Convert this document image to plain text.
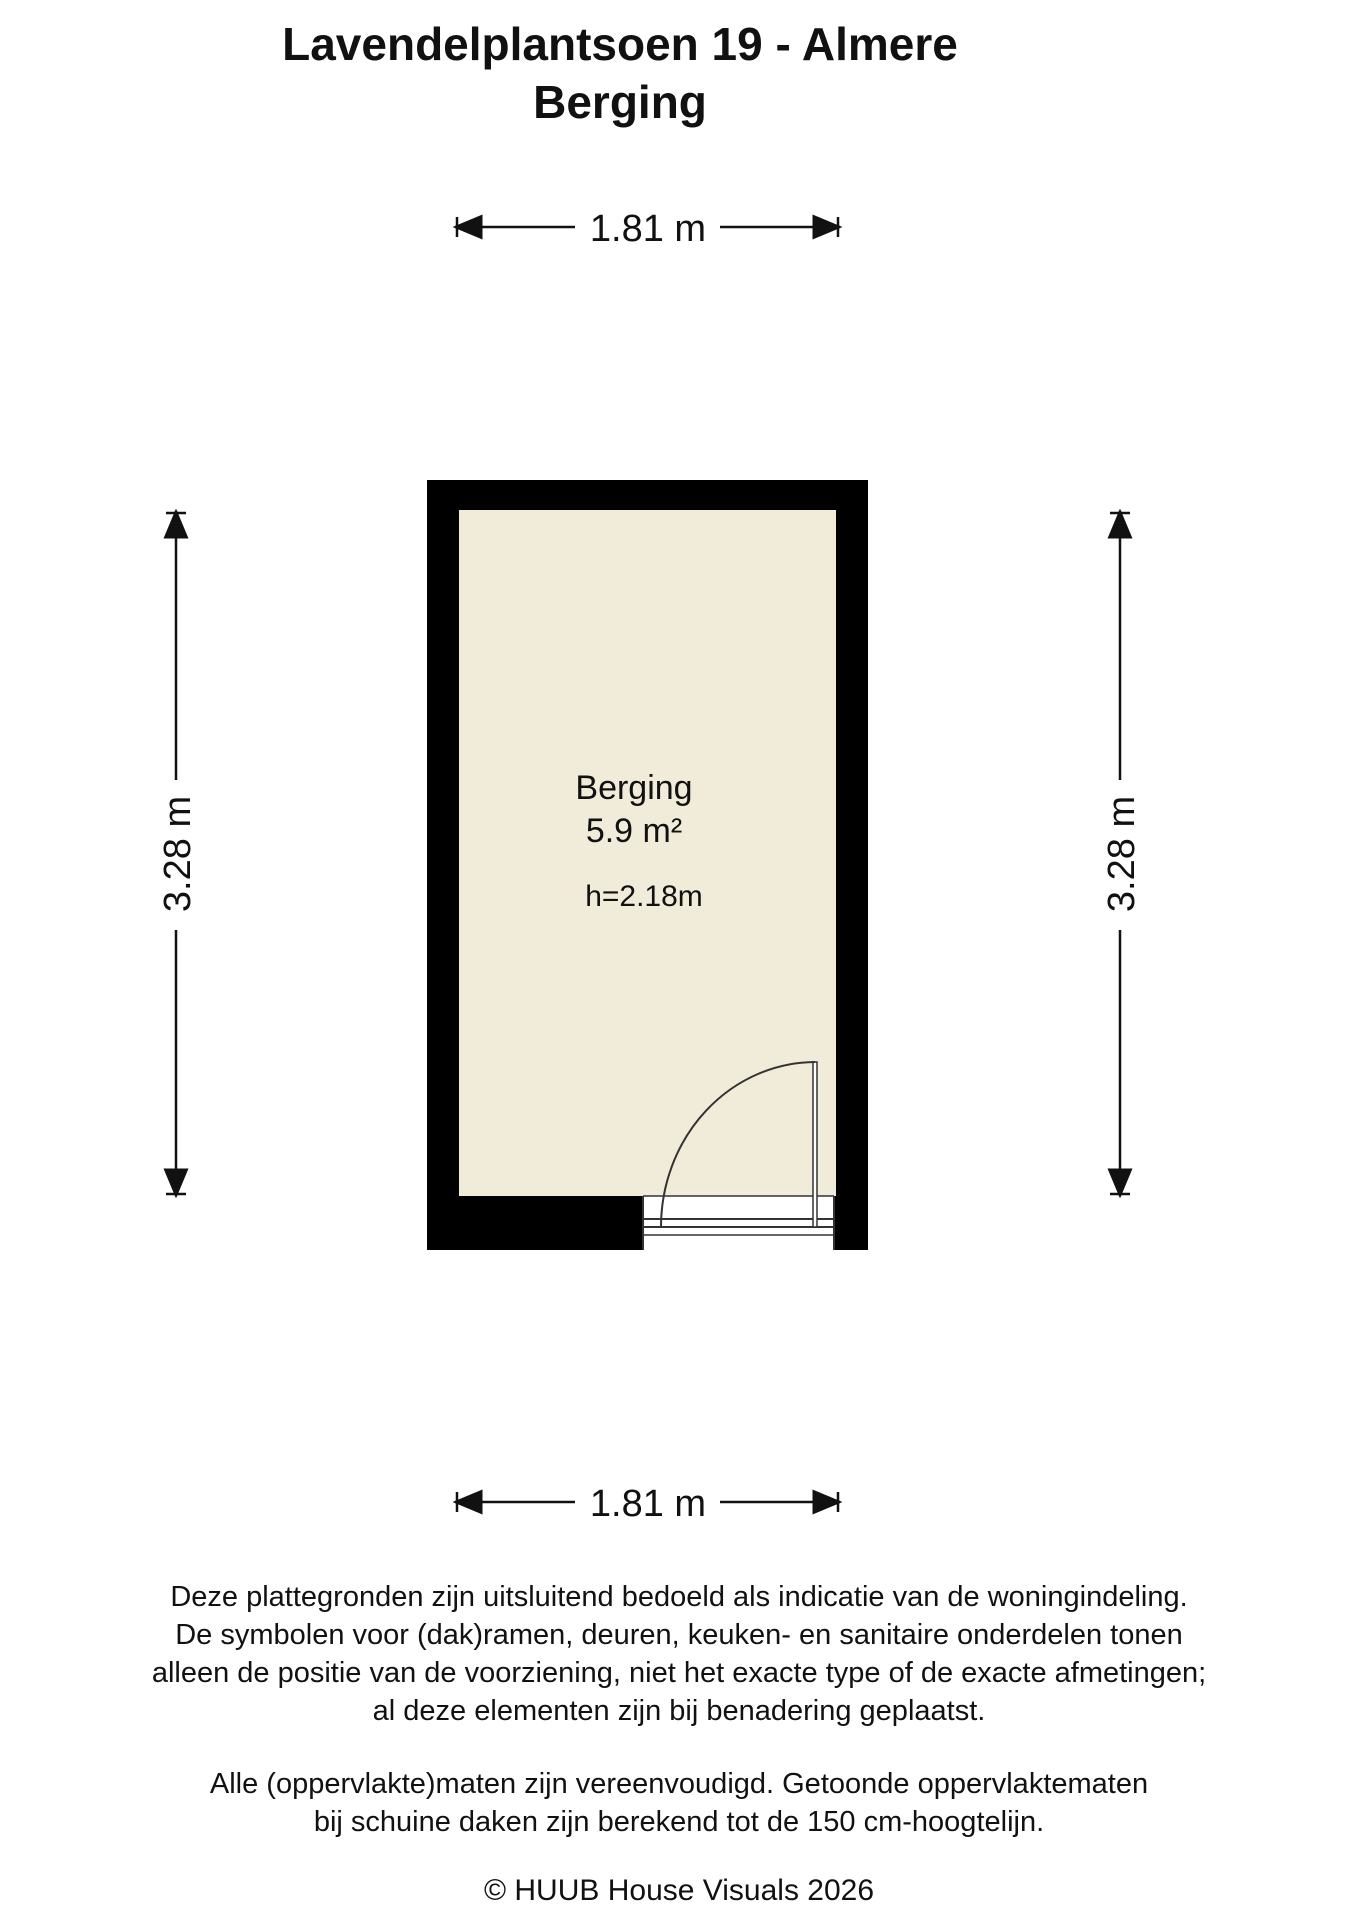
Lavendelplantsoen 19 - Almere
Berging
1.81 m
1.81 m
3.28 m	3.28 m
Berging
5.9 m²
h=2.18m

Deze plattegronden zijn uitsluitend bedoeld als indicatie van de woningindeling.

De symbolen voor (dak)ramen, deuren, keuken- en sanitaire onderdelen tonen

alleen de positie van de voorziening, niet het exacte type of de exacte afmetingen;

al deze elementen zijn bij benadering geplaatst.

Alle (oppervlakte)maten zijn vereenvoudigd. Getoonde oppervlaktematen

bij schuine daken zijn berekend tot de 150 cm-hoogtelijn.

© HUUB House Visuals 2026
